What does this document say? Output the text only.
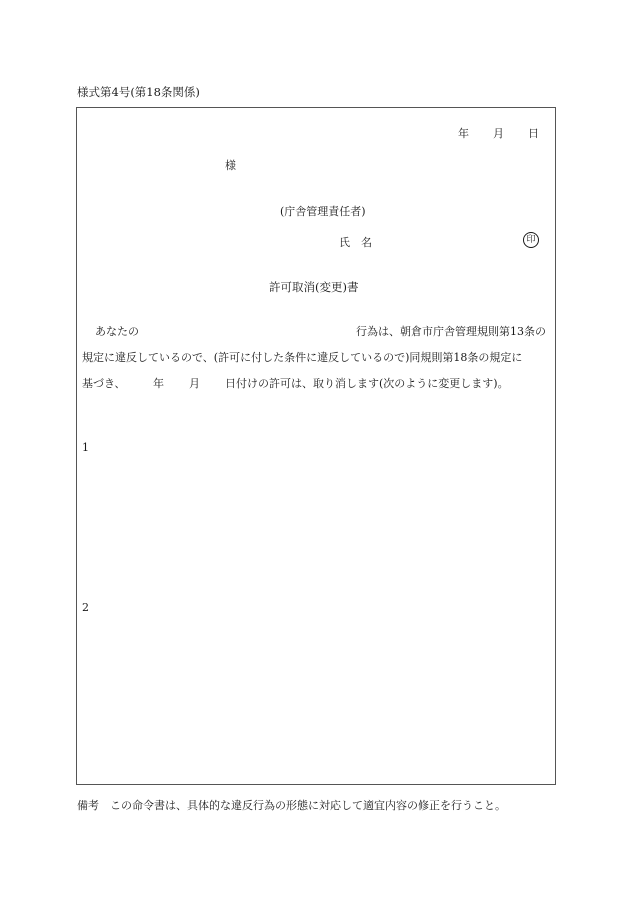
様式第4号(第18条関係)
年 月 日
様
(庁舎管理責任者)
氏　名	印
許可取消(変更)書
あなたの	行為は、朝倉市庁舎管理規則第13条の
規定に違反しているので、(許可に付した条件に違反しているので)同規則第18条の規定に
基づき、 年 月 日付けの許可は、取り消します(次のように変更します)。
1
2
備考　この命令書は、具体的な違反行為の形態に対応して適宜内容の修正を行うこと。
